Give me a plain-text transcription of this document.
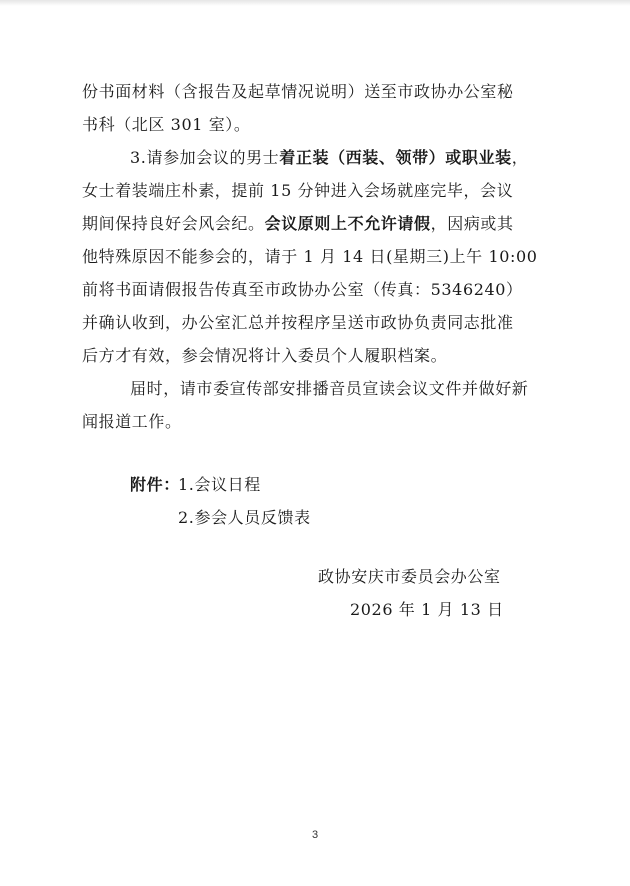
份书面材料（含报告及起草情况说明）送至市政协办公室秘
书科（北区 301 室）。
3.请参加会议的男士着正装（西装、领带）或职业装，
女士着装端庄朴素，提前 15 分钟进入会场就座完毕，会议
期间保持良好会风会纪。会议原则上不允许请假，因病或其
他特殊原因不能参会的，请于 1 月 14 日(星期三)上午 10:00
前将书面请假报告传真至市政协办公室（传真：5346240）
并确认收到，办公室汇总并按程序呈送市政协负责同志批准
后方才有效，参会情况将计入委员个人履职档案。
届时，请市委宣传部安排播音员宣读会议文件并做好新
闻报道工作。
附件：
1.会议日程
2.参会人员反馈表
政协安庆市委员会办公室
2026 年 1 月 13 日
3
